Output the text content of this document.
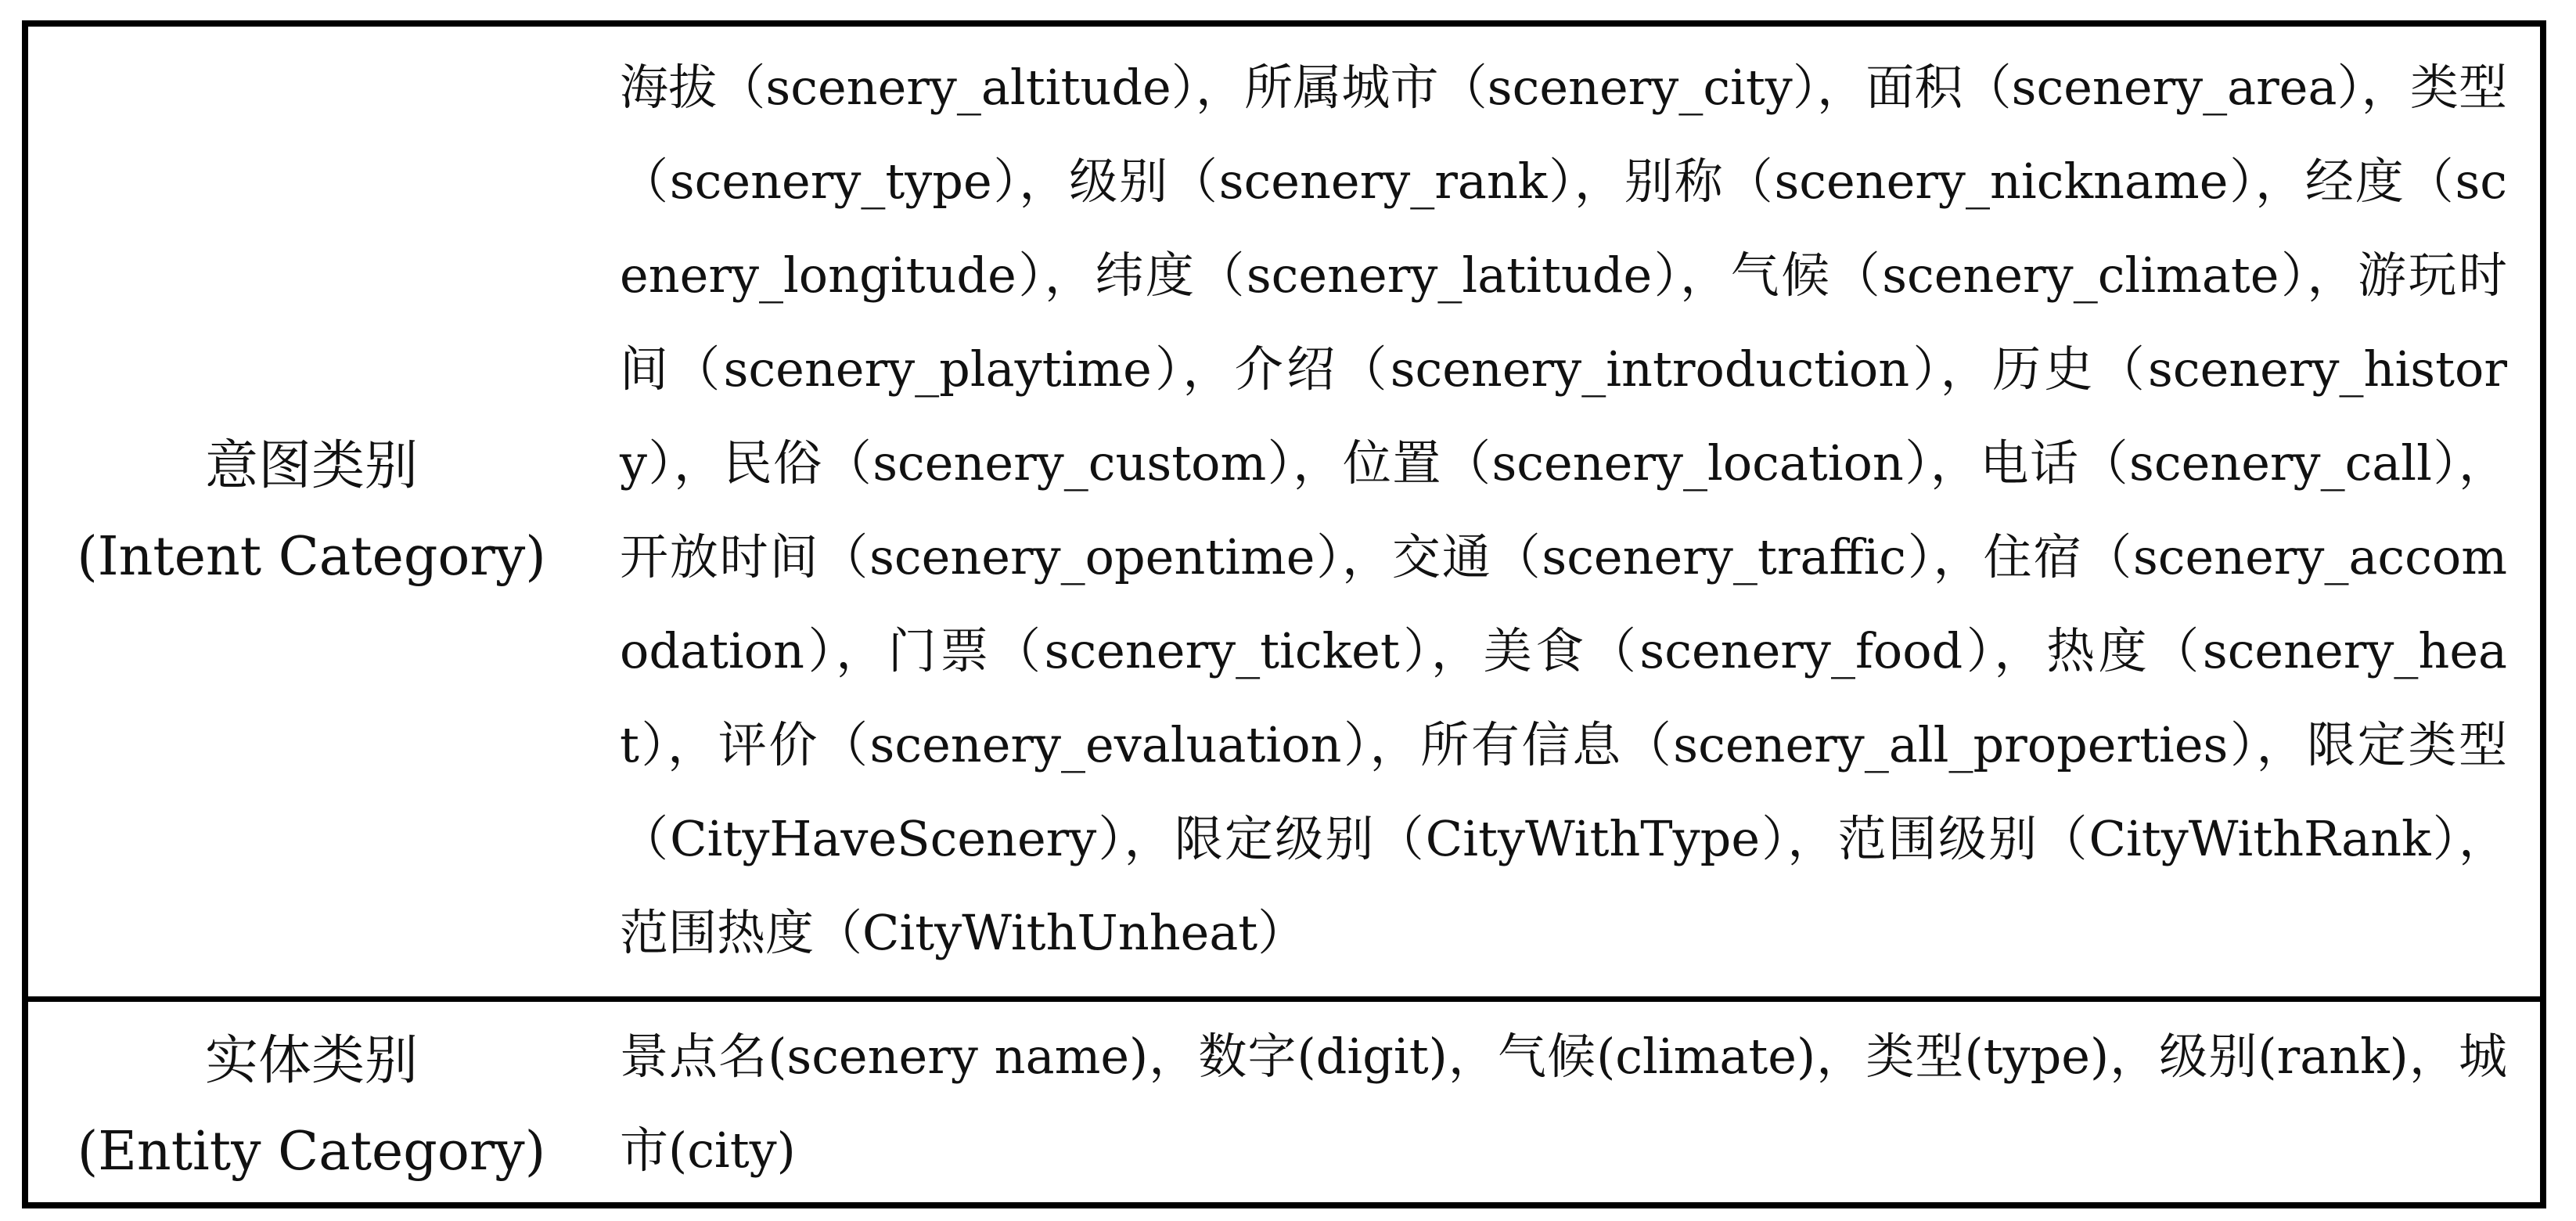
意图类别
(Intent Category)
海拔（scenery_altitude），所属城市（scenery_city），面积（scenery_area），类型（scenery_type），级别（scenery_rank），别称（scenery_nickname），经度（scenery_longitude），纬度（scenery_latitude），气候（scenery_climate），游玩时间（scenery_playtime），介绍（scenery_introduction），历史（scenery_history），民俗（scenery_custom），位置（scenery_location），电话（scenery_call），开放时间（scenery_opentime），交通（scenery_traffic），住宿（scenery_accomodation），门票（scenery_ticket），美食（scenery_food），热度（scenery_heat），评价（scenery_evaluation），所有信息（scenery_all_properties），限定类型（CityHaveScenery），限定级别（CityWithType），范围级别（CityWithRank），范围热度（CityWithUnheat）
实体类别
(Entity Category)
景点名(scenery name)，数字(digit)，气候(climate)，类型(type)，级别(rank)，城市(city)
